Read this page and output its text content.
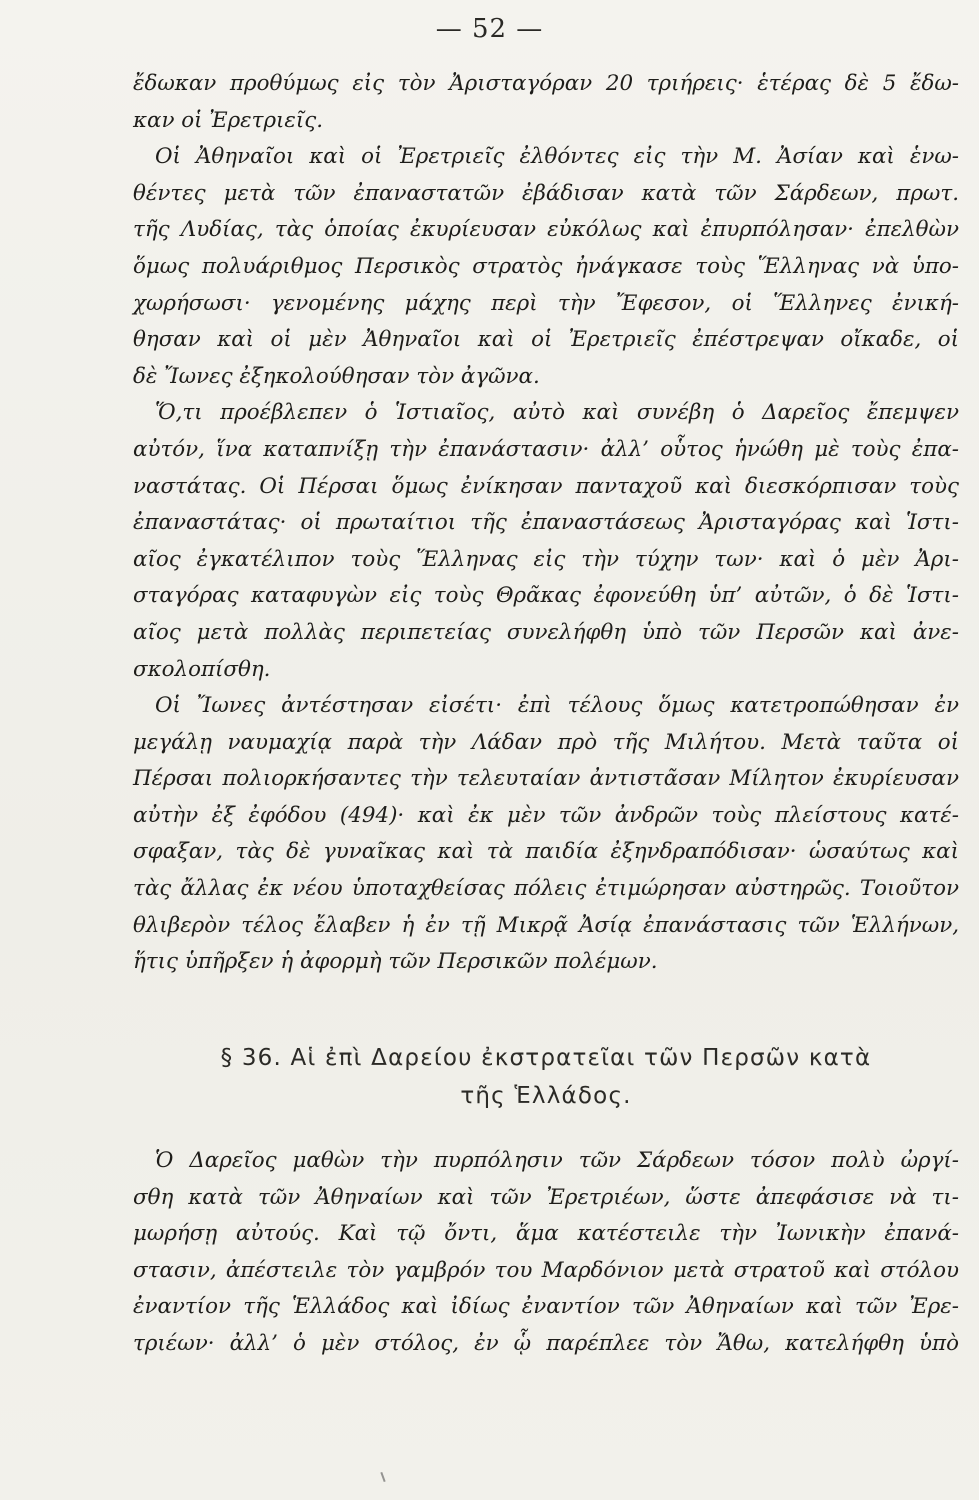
— 52 —
ἔδωκαν προθύμως εἰς τὸν Ἀρισταγόραν 20 τριήρεις· ἑτέρας δὲ 5 ἔδω-
καν οἱ Ἐρετριεῖς.
Οἱ Ἀθηναῖοι καὶ οἱ Ἐρετριεῖς ἐλθόντες εἰς τὴν Μ. Ἀσίαν καὶ ἑνω-
θέντες μετὰ τῶν ἐπαναστατῶν ἐβάδισαν κατὰ τῶν Σάρδεων, πρωτ.
τῆς Λυδίας, τὰς ὁποίας ἐκυρίευσαν εὐκόλως καὶ ἐπυρπόλησαν· ἐπελθὼν
ὅμως πολυάριθμος Περσικὸς στρατὸς ἠνάγκασε τοὺς Ἕλληνας νὰ ὑπο-
χωρήσωσι· γενομένης μάχης περὶ τὴν Ἔφεσον, οἱ Ἕλληνες ἐνική-
θησαν καὶ οἱ μὲν Ἀθηναῖοι καὶ οἱ Ἐρετριεῖς ἐπέστρεψαν οἴκαδε, οἱ
δὲ Ἴωνες ἐξηκολούθησαν τὸν ἀγῶνα.
Ὅ,τι προέβλεπεν ὁ Ἱστιαῖος, αὐτὸ καὶ συνέβη ὁ Δαρεῖος ἔπεμψεν
αὐτόν, ἵνα καταπνίξῃ τὴν ἐπανάστασιν· ἀλλ’ οὗτος ἡνώθη μὲ τοὺς ἐπα-
ναστάτας. Οἱ Πέρσαι ὅμως ἐνίκησαν πανταχοῦ καὶ διεσκόρπισαν τοὺς
ἐπαναστάτας· οἱ πρωταίτιοι τῆς ἐπαναστάσεως Ἀρισταγόρας καὶ Ἱστι-
αῖος ἐγκατέλιπον τοὺς Ἕλληνας εἰς τὴν τύχην των· καὶ ὁ μὲν Ἀρι-
σταγόρας καταφυγὼν εἰς τοὺς Θρᾶκας ἐφονεύθη ὑπ’ αὐτῶν, ὁ δὲ Ἱστι-
αῖος μετὰ πολλὰς περιπετείας συνελήφθη ὑπὸ τῶν Περσῶν καὶ ἀνε-
σκολοπίσθη.
Οἱ Ἴωνες ἀντέστησαν εἰσέτι· ἐπὶ τέλους ὅμως κατετροπώθησαν ἐν
μεγάλῃ ναυμαχίᾳ παρὰ τὴν Λάδαν πρὸ τῆς Μιλήτου. Μετὰ ταῦτα οἱ
Πέρσαι πολιορκήσαντες τὴν τελευταίαν ἀντιστᾶσαν Μίλητον ἐκυρίευσαν
αὐτὴν ἐξ ἐφόδου (494)· καὶ ἐκ μὲν τῶν ἀνδρῶν τοὺς πλείστους κατέ-
σφαξαν, τὰς δὲ γυναῖκας καὶ τὰ παιδία ἐξηνδραπόδισαν· ὡσαύτως καὶ
τὰς ἄλλας ἐκ νέου ὑποταχθείσας πόλεις ἐτιμώρησαν αὐστηρῶς. Τοιοῦτον
θλιβερὸν τέλος ἔλαβεν ἡ ἐν τῇ Μικρᾷ Ἀσίᾳ ἐπανάστασις τῶν Ἑλλήνων,
ἥτις ὑπῆρξεν ἡ ἀφορμὴ τῶν Περσικῶν πολέμων.
§ 36. Αἱ ἐπὶ Δαρείου ἐκστρατεῖαι τῶν Περσῶν κατὰ
τῆς Ἑλλάδος.
Ὁ Δαρεῖος μαθὼν τὴν πυρπόλησιν τῶν Σάρδεων τόσον πολὺ ὠργί-
σθη κατὰ τῶν Ἀθηναίων καὶ τῶν Ἐρετριέων, ὥστε ἀπεφάσισε νὰ τι-
μωρήσῃ αὐτούς. Καὶ τῷ ὄντι, ἅμα κατέστειλε τὴν Ἰωνικὴν ἐπανά-
στασιν, ἀπέστειλε τὸν γαμβρόν του Μαρδόνιον μετὰ στρατοῦ καὶ στόλου
ἐναντίον τῆς Ἑλλάδος καὶ ἰδίως ἐναντίον τῶν Ἀθηναίων καὶ τῶν Ἐρε-
τριέων· ἀλλ’ ὁ μὲν στόλος, ἐν ᾧ παρέπλεε τὸν Ἄθω, κατελήφθη ὑπὸ
